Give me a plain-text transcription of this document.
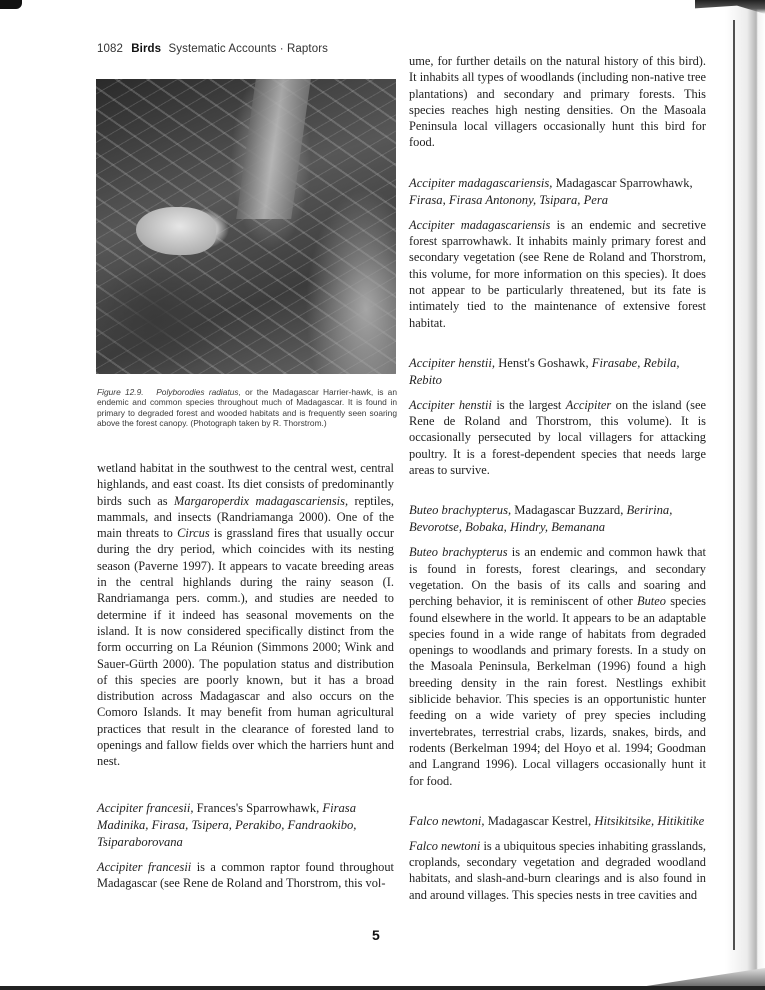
1082 Birds Systematic Accounts · Raptors
Figure 12.9. Polyborodies radiatus, or the Madagascar Harrier-hawk, is an endemic and common species throughout much of Madagascar. It is found in primary to degraded forest and wooded habitats and is frequently seen soaring above the forest canopy. (Photograph taken by R. Thorstrom.)

wetland habitat in the southwest to the central west, central highlands, and east coast. Its diet consists of predominantly birds such as Margaroperdix madagascariensis, reptiles, mammals, and insects (Randriamanga 2000). One of the main threats to Circus is grassland fires that usually occur during the dry period, which coincides with its nesting season (Paverne 1997). It appears to vacate breeding areas in the central highlands during the rainy season (I. Randriamanga pers. comm.), and studies are needed to determine if it indeed has seasonal movements on the island. It is now considered specifically distinct from the form occurring on La Réunion (Simmons 2000; Wink and Sauer-Gürth 2000). The population status and distribution of this species are poorly known, but it has a broad distribution across Madagascar and also occurs on the Comoro Islands. It may benefit from human agricultural practices that result in the clearance of forested land to openings and fallow fields over which the harriers hunt and nest.

Accipiter francesii, Frances's Sparrowhawk, Firasa Madinika, Firasa, Tsipera, Perakibo, Fandraokibo, Tsiparaborovana

Accipiter francesii is a common raptor found throughout Madagascar (see Rene de Roland and Thorstrom, this vol-

ume, for further details on the natural history of this bird). It inhabits all types of woodlands (including non-native tree plantations) and secondary and primary forests. This species reaches high nesting densities. On the Masoala Peninsula local villagers occasionally hunt this bird for food.

Accipiter madagascariensis, Madagascar Sparrowhawk, Firasa, Firasa Antonony, Tsipara, Pera

Accipiter madagascariensis is an endemic and secretive forest sparrowhawk. It inhabits mainly primary forest and secondary vegetation (see Rene de Roland and Thorstrom, this volume, for more information on this species). It does not appear to be particularly threatened, but its fate is intimately tied to the maintenance of extensive forest habitat.

Accipiter henstii, Henst's Goshawk, Firasabe, Rebila, Rebito

Accipiter henstii is the largest Accipiter on the island (see Rene de Roland and Thorstrom, this volume). It is occasionally persecuted by local villagers for attacking poultry. It is a forest-dependent species that needs large areas to survive.

Buteo brachypterus, Madagascar Buzzard, Beririna, Bevorotse, Bobaka, Hindry, Bemanana

Buteo brachypterus is an endemic and common hawk that is found in forests, forest clearings, and secondary vegetation. On the basis of its calls and soaring and perching behavior, it is reminiscent of other Buteo species found elsewhere in the world. It appears to be an adaptable species found in a wide range of habitats from degraded openings to woodlands and primary forests. In a study on the Masoala Peninsula, Berkelman (1996) found a high breeding density in the rain forest. Nestlings exhibit siblicide behavior. This species is an opportunistic hunter feeding on a wide variety of prey species including invertebrates, terrestrial crabs, lizards, snakes, birds, and rodents (Berkelman 1994; del Hoyo et al. 1994; Goodman and Langrand 1996). Local villagers occasionally hunt it for food.

Falco newtoni, Madagascar Kestrel, Hitsikitsike, Hitikitike

Falco newtoni is a ubiquitous species inhabiting grasslands, croplands, secondary vegetation and degraded woodland habitats, and slash-and-burn clearings and is also found in and around villages. This species nests in tree cavities and

5
